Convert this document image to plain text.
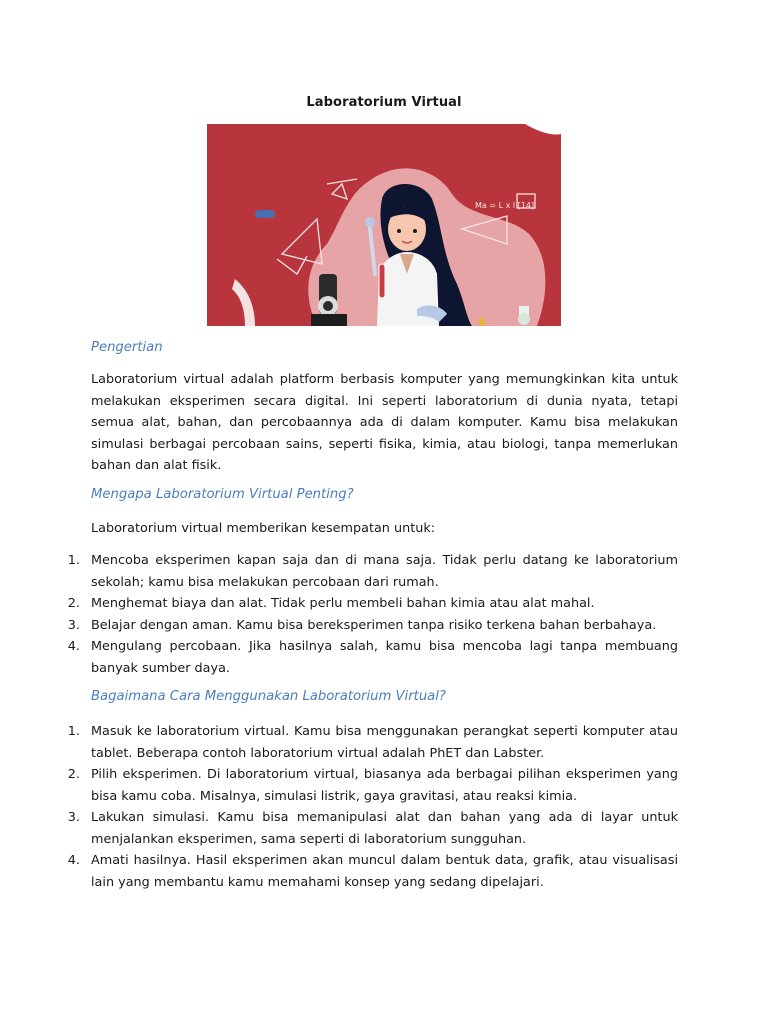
Laboratorium Virtual
Ma = L x l [14]
Pengertian

Laboratorium virtual adalah platform berbasis komputer yang memungkinkan kita untuk melakukan eksperimen secara digital. Ini seperti laboratorium di dunia nyata, tetapi semua alat, bahan, dan percobaannya ada di dalam komputer. Kamu bisa melakukan simulasi berbagai percobaan sains, seperti fisika, kimia, atau biologi, tanpa memerlukan bahan dan alat fisik.

Mengapa Laboratorium Virtual Penting?

Laboratorium virtual memberikan kesempatan untuk:

1. Mencoba eksperimen kapan saja dan di mana saja. Tidak perlu datang ke laboratorium sekolah; kamu bisa melakukan percobaan dari rumah.
2. Menghemat biaya dan alat. Tidak perlu membeli bahan kimia atau alat mahal.
3. Belajar dengan aman. Kamu bisa bereksperimen tanpa risiko terkena bahan berbahaya.
4. Mengulang percobaan. Jika hasilnya salah, kamu bisa mencoba lagi tanpa membuang banyak sumber daya.
Bagaimana Cara Menggunakan Laboratorium Virtual?
1. Masuk ke laboratorium virtual. Kamu bisa menggunakan perangkat seperti komputer atau tablet. Beberapa contoh laboratorium virtual adalah PhET dan Labster.
2. Pilih eksperimen. Di laboratorium virtual, biasanya ada berbagai pilihan eksperimen yang bisa kamu coba. Misalnya, simulasi listrik, gaya gravitasi, atau reaksi kimia.
3. Lakukan simulasi. Kamu bisa memanipulasi alat dan bahan yang ada di layar untuk menjalankan eksperimen, sama seperti di laboratorium sungguhan.
4. Amati hasilnya. Hasil eksperimen akan muncul dalam bentuk data, grafik, atau visualisasi lain yang membantu kamu memahami konsep yang sedang dipelajari.
